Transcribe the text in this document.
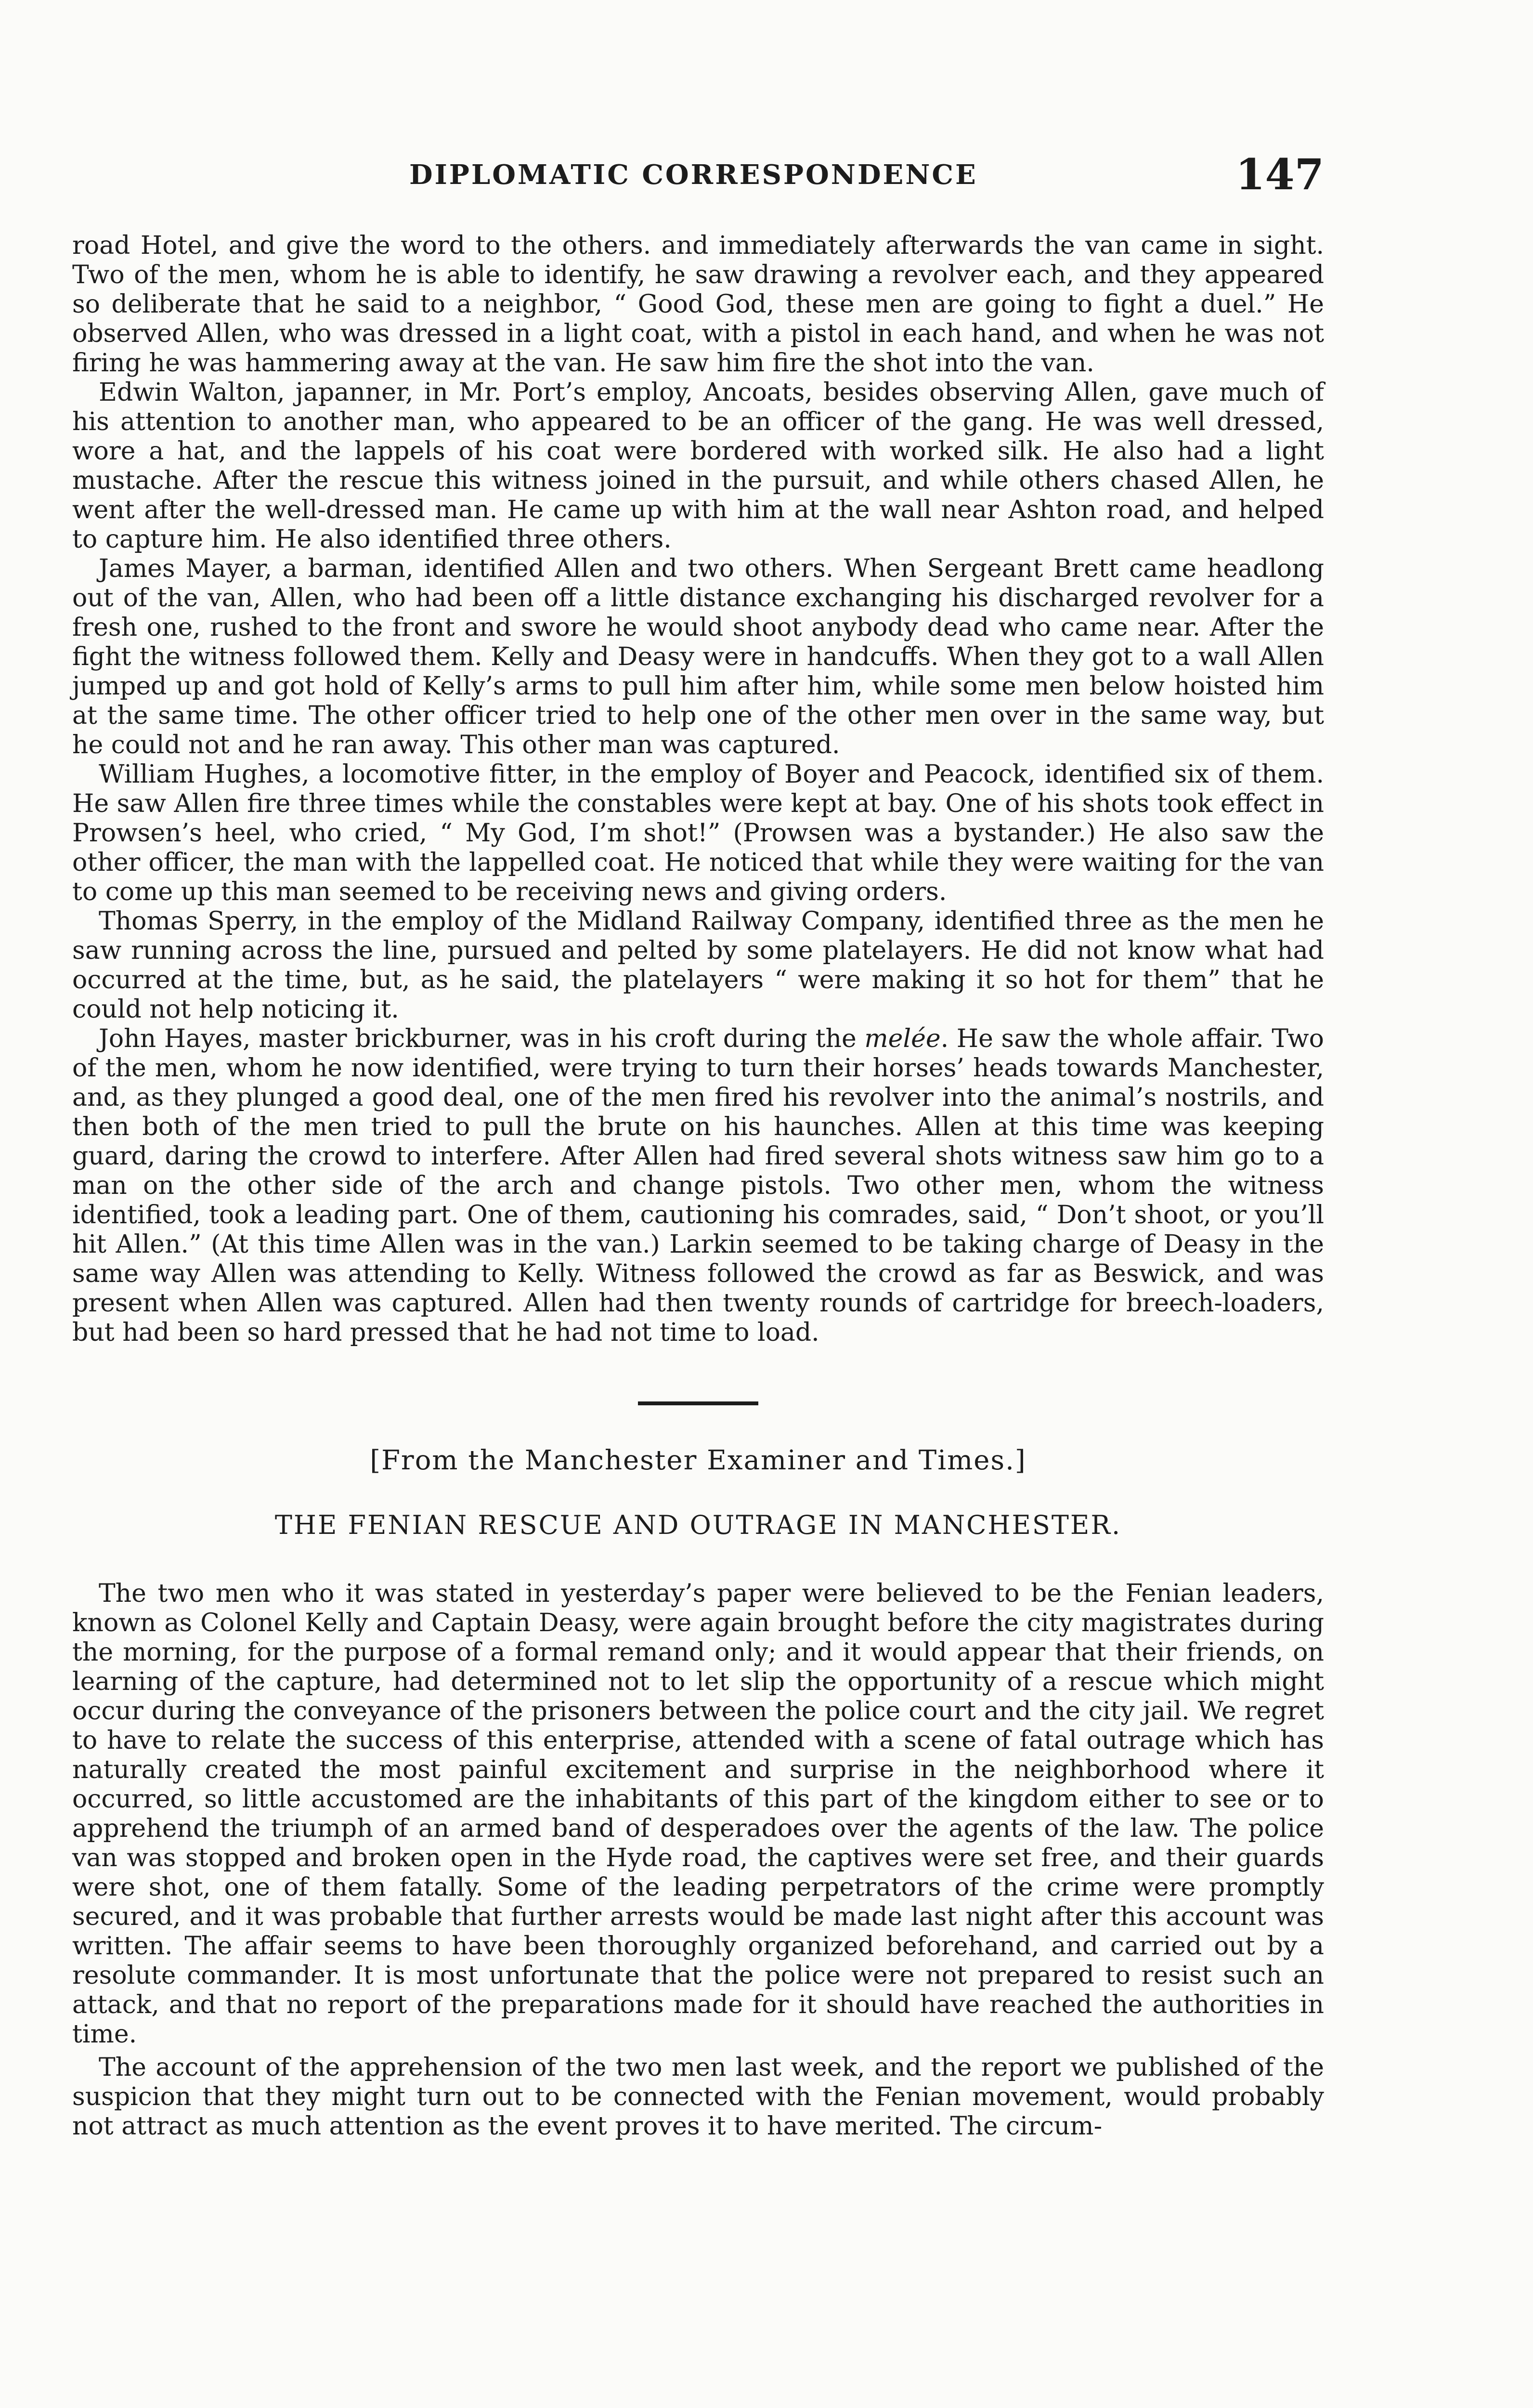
DIPLOMATIC CORRESPONDENCE	147

road Hotel, and give the word to the others. and immediately afterwards the van came in sight. Two of the men, whom he is able to identify, he saw drawing a revolver each, and they appeared so deliberate that he said to a neighbor, “ Good God, these men are going to fight a duel.” He observed Allen, who was dressed in a light coat, with a pistol in each hand, and when he was not firing he was hammering away at the van. He saw him fire the shot into the van.

Edwin Walton, japanner, in Mr. Port’s employ, Ancoats, besides observing Allen, gave much of his attention to another man, who appeared to be an officer of the gang. He was well dressed, wore a hat, and the lappels of his coat were bordered with worked silk. He also had a light mustache. After the rescue this witness joined in the pursuit, and while others chased Allen, he went after the well-dressed man. He came up with him at the wall near Ashton road, and helped to capture him. He also identified three others.

James Mayer, a barman, identified Allen and two others. When Sergeant Brett came headlong out of the van, Allen, who had been off a little distance exchanging his discharged revolver for a fresh one, rushed to the front and swore he would shoot anybody dead who came near. After the fight the witness followed them. Kelly and Deasy were in handcuffs. When they got to a wall Allen jumped up and got hold of Kelly’s arms to pull him after him, while some men below hoisted him at the same time. The other officer tried to help one of the other men over in the same way, but he could not and he ran away. This other man was captured.

William Hughes, a locomotive fitter, in the employ of Boyer and Peacock, identified six of them. He saw Allen fire three times while the constables were kept at bay. One of his shots took effect in Prowsen’s heel, who cried, “ My God, I’m shot!” (Prowsen was a bystander.) He also saw the other officer, the man with the lappelled coat. He noticed that while they were waiting for the van to come up this man seemed to be receiving news and giving orders.

Thomas Sperry, in the employ of the Midland Railway Company, identified three as the men he saw running across the line, pursued and pelted by some platelayers. He did not know what had occurred at the time, but, as he said, the platelayers “ were making it so hot for them” that he could not help noticing it.

John Hayes, master brickburner, was in his croft during the melée. He saw the whole affair. Two of the men, whom he now identified, were trying to turn their horses’ heads towards Manchester, and, as they plunged a good deal, one of the men fired his revolver into the animal’s nostrils, and then both of the men tried to pull the brute on his haunches. Allen at this time was keeping guard, daring the crowd to interfere. After Allen had fired several shots witness saw him go to a man on the other side of the arch and change pistols. Two other men, whom the witness identified, took a leading part. One of them, cautioning his comrades, said, “ Don’t shoot, or you’ll hit Allen.” (At this time Allen was in the van.) Larkin seemed to be taking charge of Deasy in the same way Allen was attending to Kelly. Witness followed the crowd as far as Beswick, and was present when Allen was captured. Allen had then twenty rounds of cartridge for breech-loaders, but had been so hard pressed that he had not time to load.

[From the Manchester Examiner and Times.]

THE FENIAN RESCUE AND OUTRAGE IN MANCHESTER.

The two men who it was stated in yesterday’s paper were believed to be the Fenian leaders, known as Colonel Kelly and Captain Deasy, were again brought before the city magistrates during the morning, for the purpose of a formal remand only; and it would appear that their friends, on learning of the capture, had determined not to let slip the opportunity of a rescue which might occur during the conveyance of the prisoners between the police court and the city jail. We regret to have to relate the success of this enterprise, attended with a scene of fatal outrage which has naturally created the most painful excitement and surprise in the neighborhood where it occurred, so little accustomed are the inhabitants of this part of the kingdom either to see or to apprehend the triumph of an armed band of desperadoes over the agents of the law. The police van was stopped and broken open in the Hyde road, the captives were set free, and their guards were shot, one of them fatally. Some of the leading perpetrators of the crime were promptly secured, and it was probable that further arrests would be made last night after this account was written. The affair seems to have been thoroughly organized beforehand, and carried out by a resolute commander. It is most unfortunate that the police were not prepared to resist such an attack, and that no report of the preparations made for it should have reached the authorities in time.

The account of the apprehension of the two men last week, and the report we published of the suspicion that they might turn out to be connected with the Fenian movement, would probably not attract as much attention as the event proves it to have merited. The circum-
